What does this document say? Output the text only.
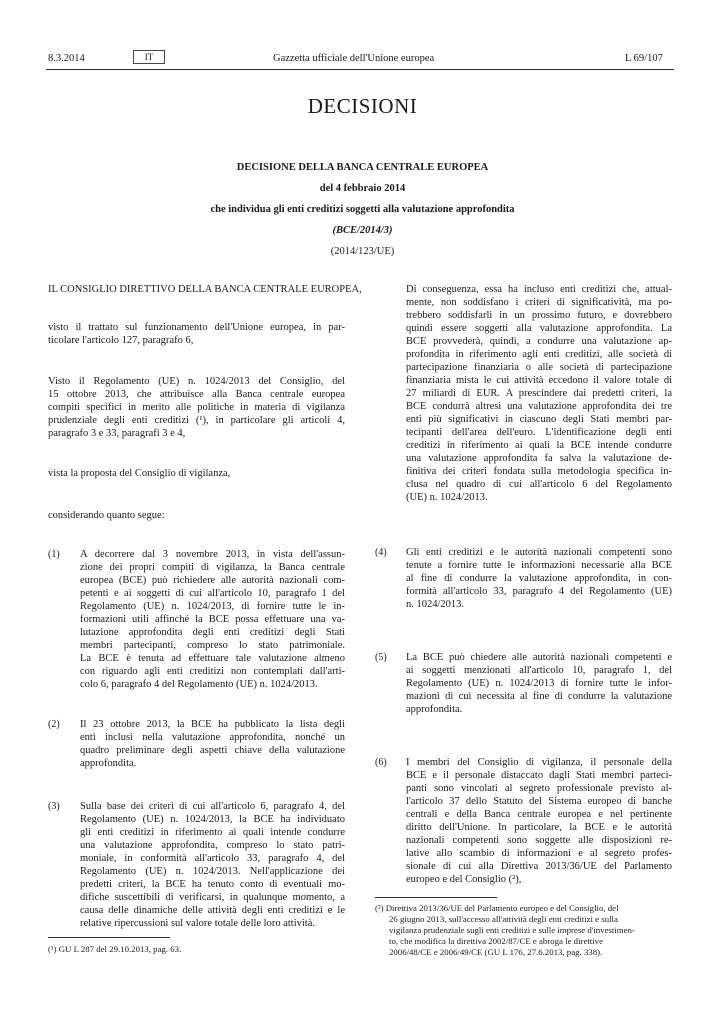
8.3.2014	IT	Gazzetta ufficiale dell'Unione europea	L 69/107
DECISIONI
DECISIONE DELLA BANCA CENTRALE EUROPEA
del 4 febbraio 2014
che individua gli enti creditizi soggetti alla valutazione approfondita
(BCE/2014/3)
(2014/123/UE)
IL CONSIGLIO DIRETTIVO DELLA BANCA CENTRALE EUROPEA,
visto il trattato sul funzionamento dell'Unione europea, in par-
ticolare l'articolo 127, paragrafo 6,
Visto il Regolamento (UE) n. 1024/2013 del Consiglio, del
15 ottobre 2013, che attribuisce alla Banca centrale europea
compiti specifici in merito alle politiche in materia di vigilanza
prudenziale degli enti creditizi (¹), in particolare gli articoli 4,
paragrafo 3 e 33, paragrafi 3 e 4,
vista la proposta del Consiglio di vigilanza,
considerando quanto segue:
(1) A decorrere dal 3 novembre 2013, in vista dell'assun-
zione dei propri compiti di vigilanza, la Banca centrale
europea (BCE) può richiedere alle autorità nazionali com-
petenti e ai soggetti di cui all'articolo 10, paragrafo 1 del
Regolamento (UE) n. 1024/2013, di fornire tutte le in-
formazioni utili affinché la BCE possa effettuare una va-
lutazione approfondita degli enti creditizi degli Stati
membri partecipanti, compreso lo stato patrimoniale.
La BCE è tenuta ad effettuare tale valutazione almeno
con riguardo agli enti creditizi non contemplati dall'arti-
colo 6, paragrafo 4 del Regolamento (UE) n. 1024/2013.
(2) Il 23 ottobre 2013, la BCE ha pubblicato la lista degli
enti inclusi nella valutazione approfondita, nonché un
quadro preliminare degli aspetti chiave della valutazione
approfondita.
(3) Sulla base dei criteri di cui all'articolo 6, paragrafo 4, del
Regolamento (UE) n. 1024/2013, la BCE ha individuato
gli enti creditizi in riferimento ai quali intende condurre
una valutazione approfondita, compreso lo stato patri-
moniale, in conformità all'articolo 33, paragrafo 4, del
Regolamento (UE) n. 1024/2013. Nell'applicazione dei
predetti criteri, la BCE ha tenuto conto di eventuali mo-
difiche suscettibili di verificarsi, in qualunque momento, a
causa delle dinamiche delle attività degli enti creditizi e le
relative ripercussioni sul valore totale delle loro attività.
(¹) GU L 287 del 29.10.2013, pag. 63.
Di conseguenza, essa ha incluso enti creditizi che, attual-
mente, non soddisfano i criteri di significatività, ma po-
trebbero soddisfarli in un prossimo futuro, e dovrebbero
quindi essere soggetti alla valutazione approfondita. La
BCE provvederà, quindi, a condurre una valutazione ap-
profondita in riferimento agli enti creditizi, alle società di
partecipazione finanziaria o alle società di partecipazione
finanziaria mista le cui attività eccedono il valore totale di
27 miliardi di EUR. A prescindere dai predetti criteri, la
BCE condurrà altresì una valutazione approfondita dei tre
enti più significativi in ciascuno degli Stati membri par-
tecipanti dell'area dell'euro. L'identificazione degli enti
creditizi in riferimento ai quali la BCE intende condurre
una valutazione approfondita fa salva la valutazione de-
finitiva dei criteri fondata sulla metodologia specifica in-
clusa nel quadro di cui all'articolo 6 del Regolamento
(UE) n. 1024/2013.
(4) Gli enti creditizi e le autorità nazionali competenti sono
tenute a fornire tutte le informazioni necessarie alla BCE
al fine di condurre la valutazione approfondita, in con-
formità all'articolo 33, paragrafo 4 del Regolamento (UE)
n. 1024/2013.
(5) La BCE può chiedere alle autorità nazionali competenti e
ai soggetti menzionati all'articolo 10, paragrafo 1, del
Regolamento (UE) n. 1024/2013 di fornire tutte le infor-
mazioni di cui necessita al fine di condurre la valutazione
approfondita.
(6) I membri del Consiglio di vigilanza, il personale della
BCE e il personale distaccato dagli Stati membri parteci-
panti sono vincolati al segreto professionale previsto al-
l'articolo 37 dello Statuto del Sistema europeo di banche
centrali e della Banca centrale europea e nel pertinente
diritto dell'Unione. In particolare, la BCE e le autorità
nazionali competenti sono soggette alle disposizioni re-
lative allo scambio di informazioni e al segreto profes-
sionale di cui alla Direttiva 2013/36/UE del Parlamento
europeo e del Consiglio (²),
(²) Direttiva 2013/36/UE del Parlamento europeo e del Consiglio, del
26 giugno 2013, sull'accesso all'attività degli enti creditizi e sulla
vigilanza prudenziale sugli enti creditizi e sulle imprese d'investimen-
to, che modifica la direttiva 2002/87/CE e abroga le direttive
2006/48/CE e 2006/49/CE (GU L 176, 27.6.2013, pag. 338).
